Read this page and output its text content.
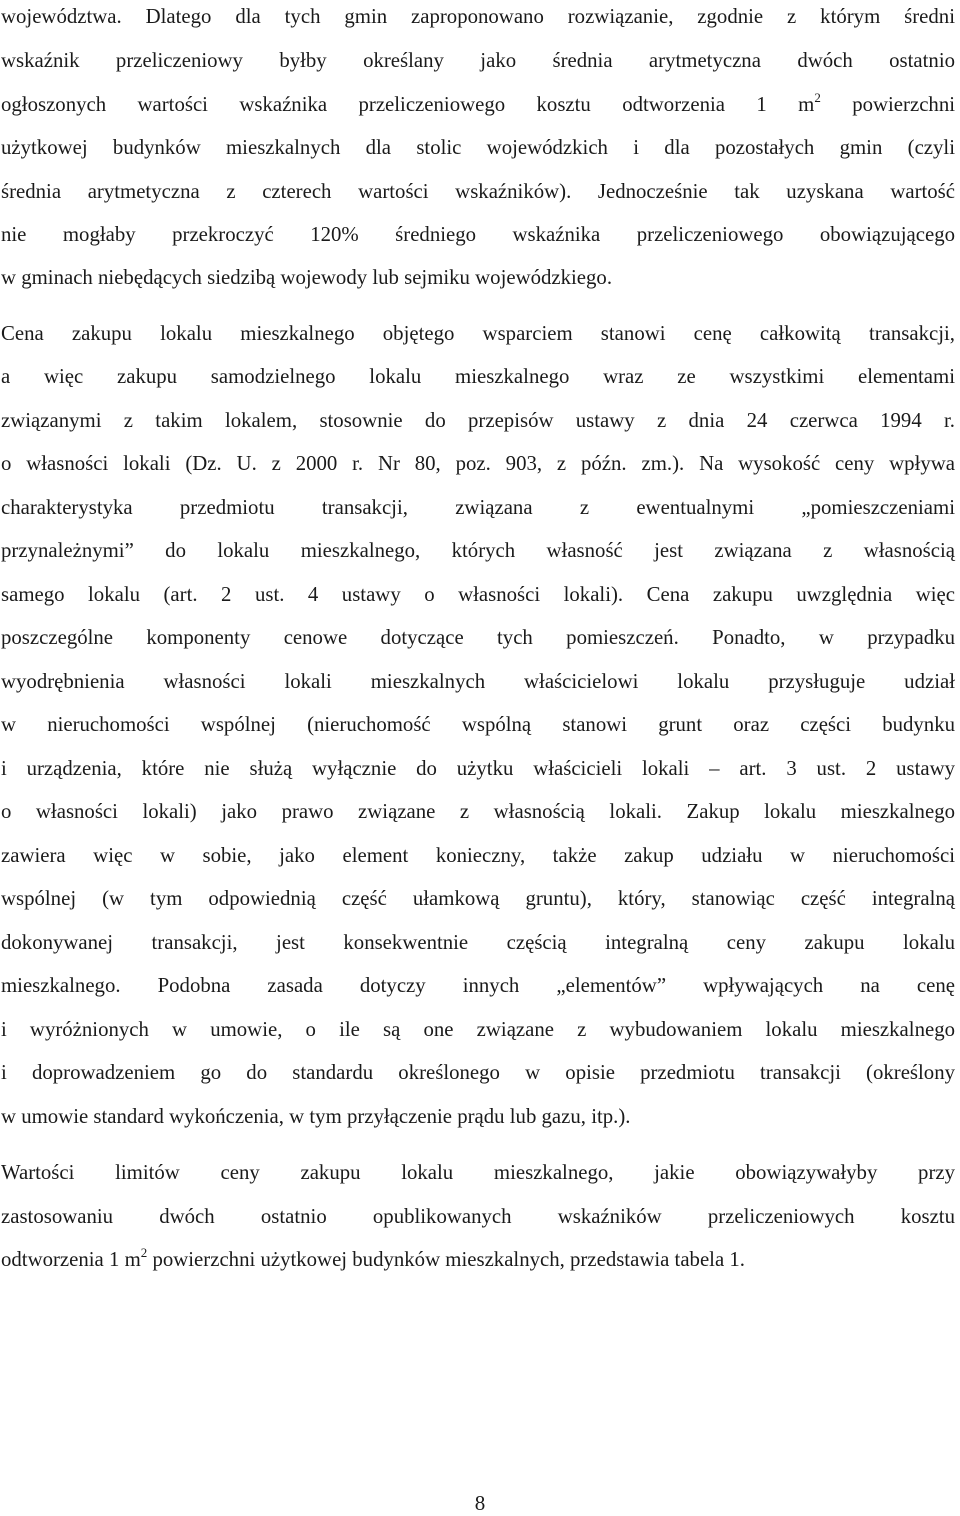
województwa. Dlatego dla tych gmin zaproponowano rozwiązanie, zgodnie z którym średni
wskaźnik przeliczeniowy byłby określany jako średnia arytmetyczna dwóch ostatnio
ogłoszonych wartości wskaźnika przeliczeniowego kosztu odtworzenia 1 $m^2$ powierzchni
użytkowej budynków mieszkalnych dla stolic wojewódzkich i dla pozostałych gmin (czyli
średnia arytmetyczna z czterech wartości wskaźników). Jednocześnie tak uzyskana wartość
nie mogłaby przekroczyć 120% średniego wskaźnika przeliczeniowego obowiązującego
w gminach niebędących siedzibą wojewody lub sejmiku wojewódzkiego.
Cena zakupu lokalu mieszkalnego objętego wsparciem stanowi cenę całkowitą transakcji,
a więc zakupu samodzielnego lokalu mieszkalnego wraz ze wszystkimi elementami
związanymi z takim lokalem, stosownie do przepisów ustawy z dnia 24 czerwca 1994 r.
o własności lokali (Dz. U. z 2000 r. Nr 80, poz. 903, z późn. zm.). Na wysokość ceny wpływa
charakterystyka przedmiotu transakcji, związana z ewentualnymi „pomieszczeniami
przynależnymi” do lokalu mieszkalnego, których własność jest związana z własnością
samego lokalu (art. 2 ust. 4 ustawy o własności lokali). Cena zakupu uwzględnia więc
poszczególne komponenty cenowe dotyczące tych pomieszczeń. Ponadto, w przypadku
wyodrębnienia własności lokali mieszkalnych właścicielowi lokalu przysługuje udział
w nieruchomości wspólnej (nieruchomość wspólną stanowi grunt oraz części budynku
i urządzenia, które nie służą wyłącznie do użytku właścicieli lokali – art. 3 ust. 2 ustawy
o własności lokali) jako prawo związane z własnością lokali. Zakup lokalu mieszkalnego
zawiera więc w sobie, jako element konieczny, także zakup udziału w nieruchomości
wspólnej (w tym odpowiednią część ułamkową gruntu), który, stanowiąc część integralną
dokonywanej transakcji, jest konsekwentnie częścią integralną ceny zakupu lokalu
mieszkalnego. Podobna zasada dotyczy innych „elementów” wpływających na cenę
i wyróżnionych w umowie, o ile są one związane z wybudowaniem lokalu mieszkalnego
i doprowadzeniem go do standardu określonego w opisie przedmiotu transakcji (określony
w umowie standard wykończenia, w tym przyłączenie prądu lub gazu, itp.).
Wartości limitów ceny zakupu lokalu mieszkalnego, jakie obowiązywałyby przy
zastosowaniu dwóch ostatnio opublikowanych wskaźników przeliczeniowych kosztu
odtworzenia 1 $m^2$ powierzchni użytkowej budynków mieszkalnych, przedstawia tabela 1.
8
